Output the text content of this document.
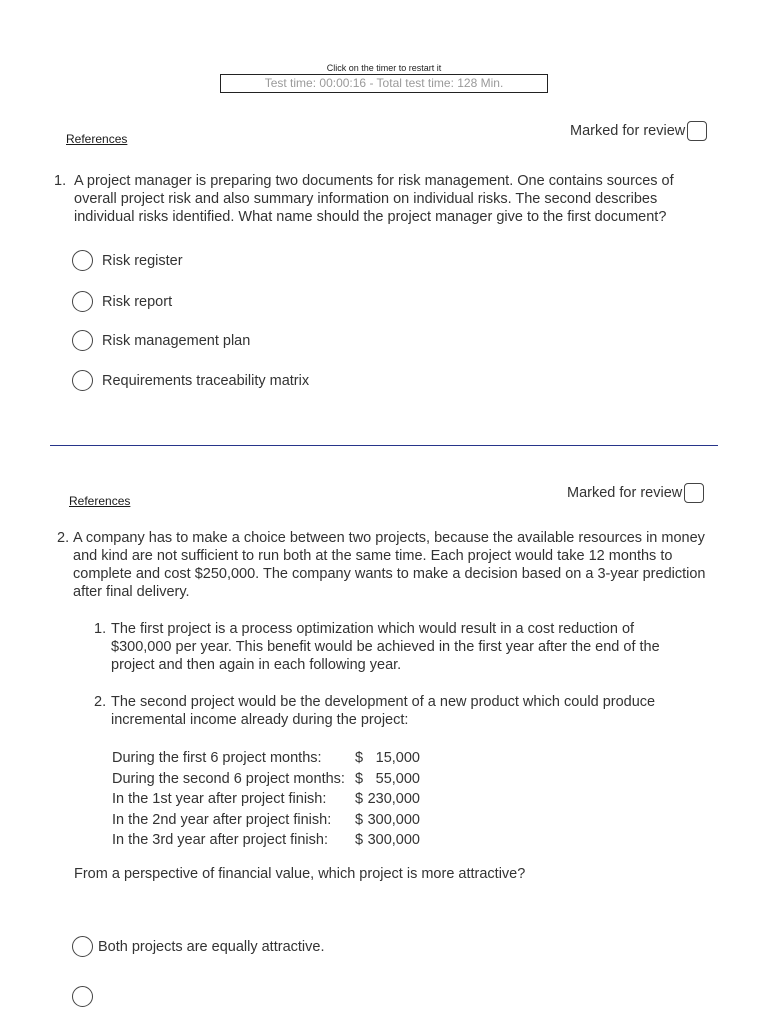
Click on the timer to restart it
Test time: 00:00:16 - Total test time: 128 Min.
References	Marked for review
1. A project manager is preparing two documents for risk management. One contains sources of overall project risk and also summary information on individual risks. The second describes individual risks identified. What name should the project manager give to the first document?
Risk register
Risk report
Risk management plan
Requirements traceability matrix
References	Marked for review
2. A company has to make a choice between two projects, because the available resources in money and kind are not sufficient to run both at the same time. Each project would take 12 months to complete and cost $250,000. The company wants to make a decision based on a 3-year prediction after final delivery.
1. The first project is a process optimization which would result in a cost reduction of $300,000 per year. This benefit would be achieved in the first year after the end of the project and then again in each following year.
2. The second project would be the development of a new product which could produce incremental income already during the project:
During the first 6 project months:	$	15,000
During the second 6 project months:	$	55,000
In the 1st year after project finish:	$	230,000
In the 2nd year after project finish:	$	300,000
In the 3rd year after project finish:	$	300,000
From a perspective of financial value, which project is more attractive?
Both projects are equally attractive.
